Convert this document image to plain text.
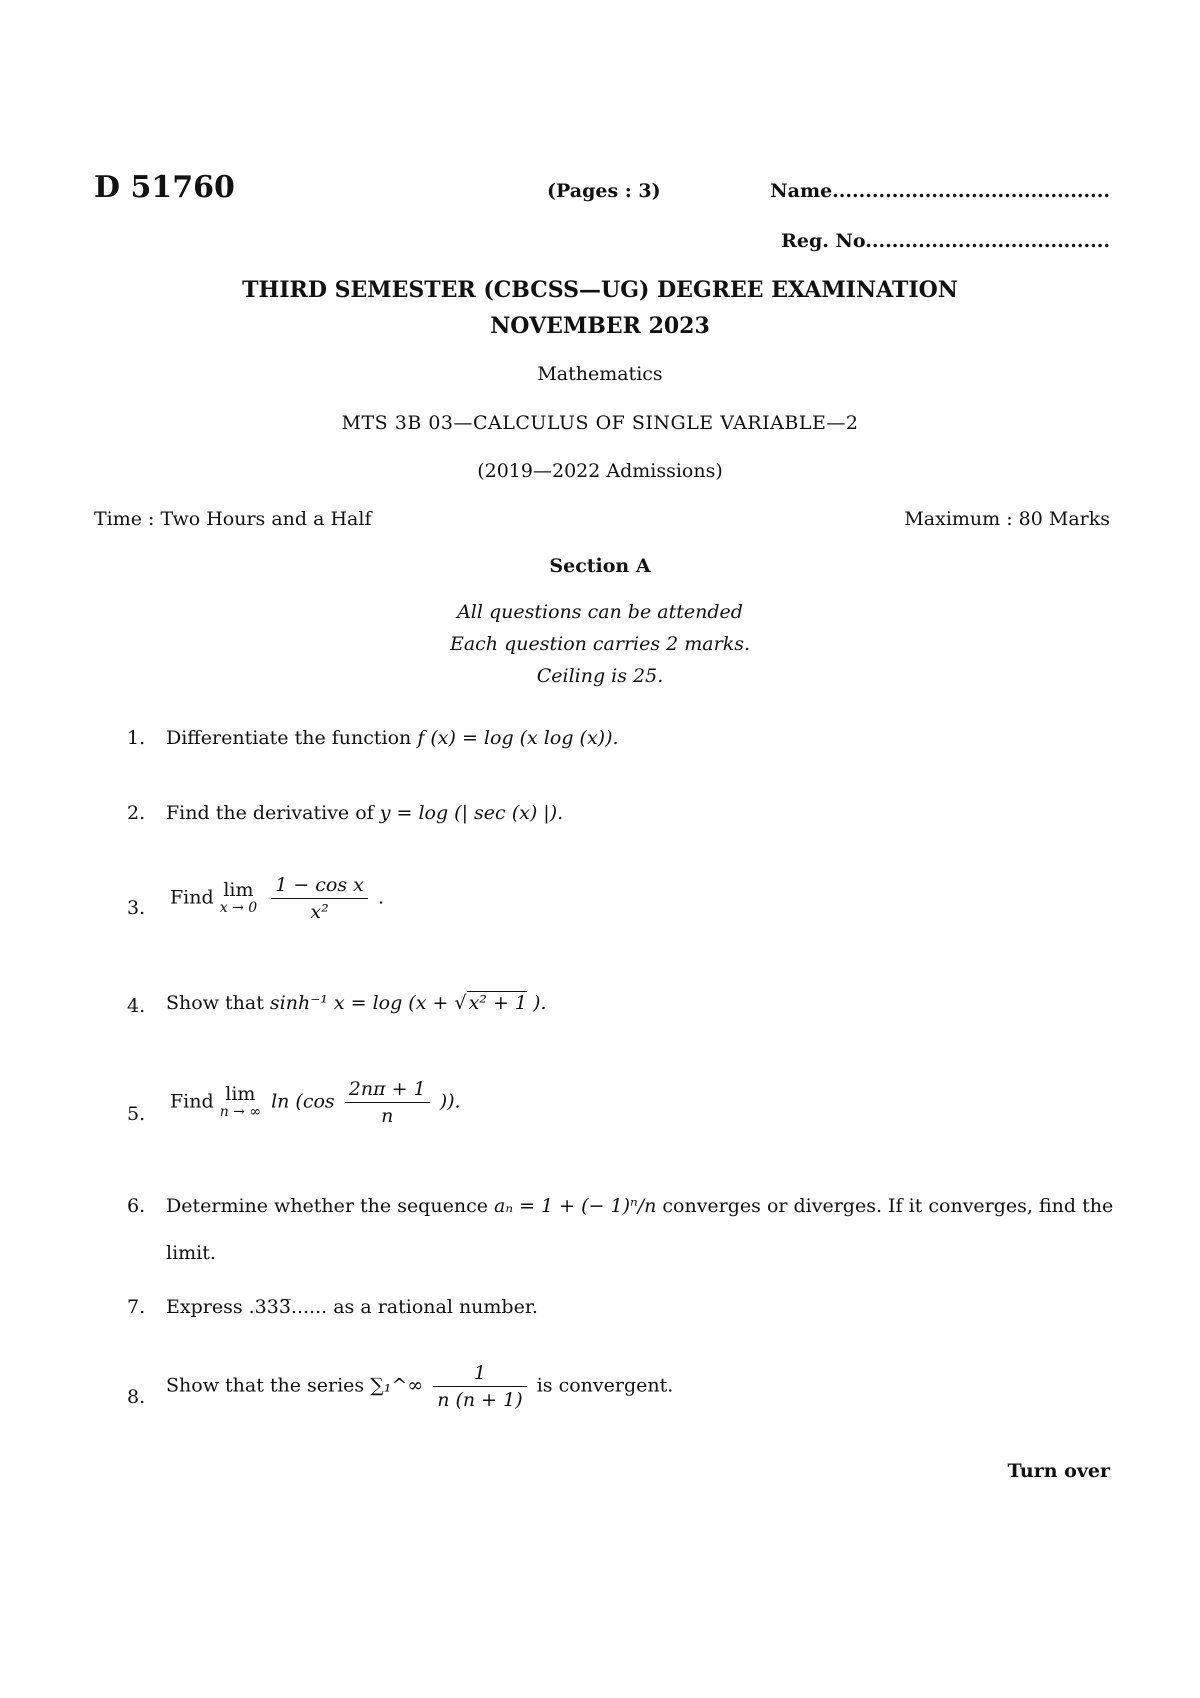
D 51760	(Pages : 3)	Name..........................................
Reg. No.....................................
THIRD SEMESTER (CBCSS—UG) DEGREE EXAMINATION
NOVEMBER 2023
Mathematics
MTS 3B 03—CALCULUS OF SINGLE VARIABLE—2
(2019—2022 Admissions)
Time : Two Hours and a Half	Maximum : 80 Marks
Section A
All questions can be attended
Each question carries 2 marks.
Ceiling is 25.
1. Differentiate the function f (x) = log (x log (x)).
2. Find the derivative of y = log (| sec (x) |).
3. Find lim
x → 0
$\frac{\text{1 − cos x}}{\text{x²}}$ .
4. Show that sinh⁻¹ x = log (x + √ x² + 1 ).
5.
Find lim
n → ∞ $\ln (\cos \frac{2n\pi + 1}{n}$ )).
6. Determine whether the sequence aₙ = 1 + (− 1)ⁿ/n converges or diverges. If it converges, find the
limit.
7. Express .333̅...... as a rational number.
8.
Show that the series ∑₁^∞ $\frac{1}{n (n + 1)}$ is convergent.
Turn over
